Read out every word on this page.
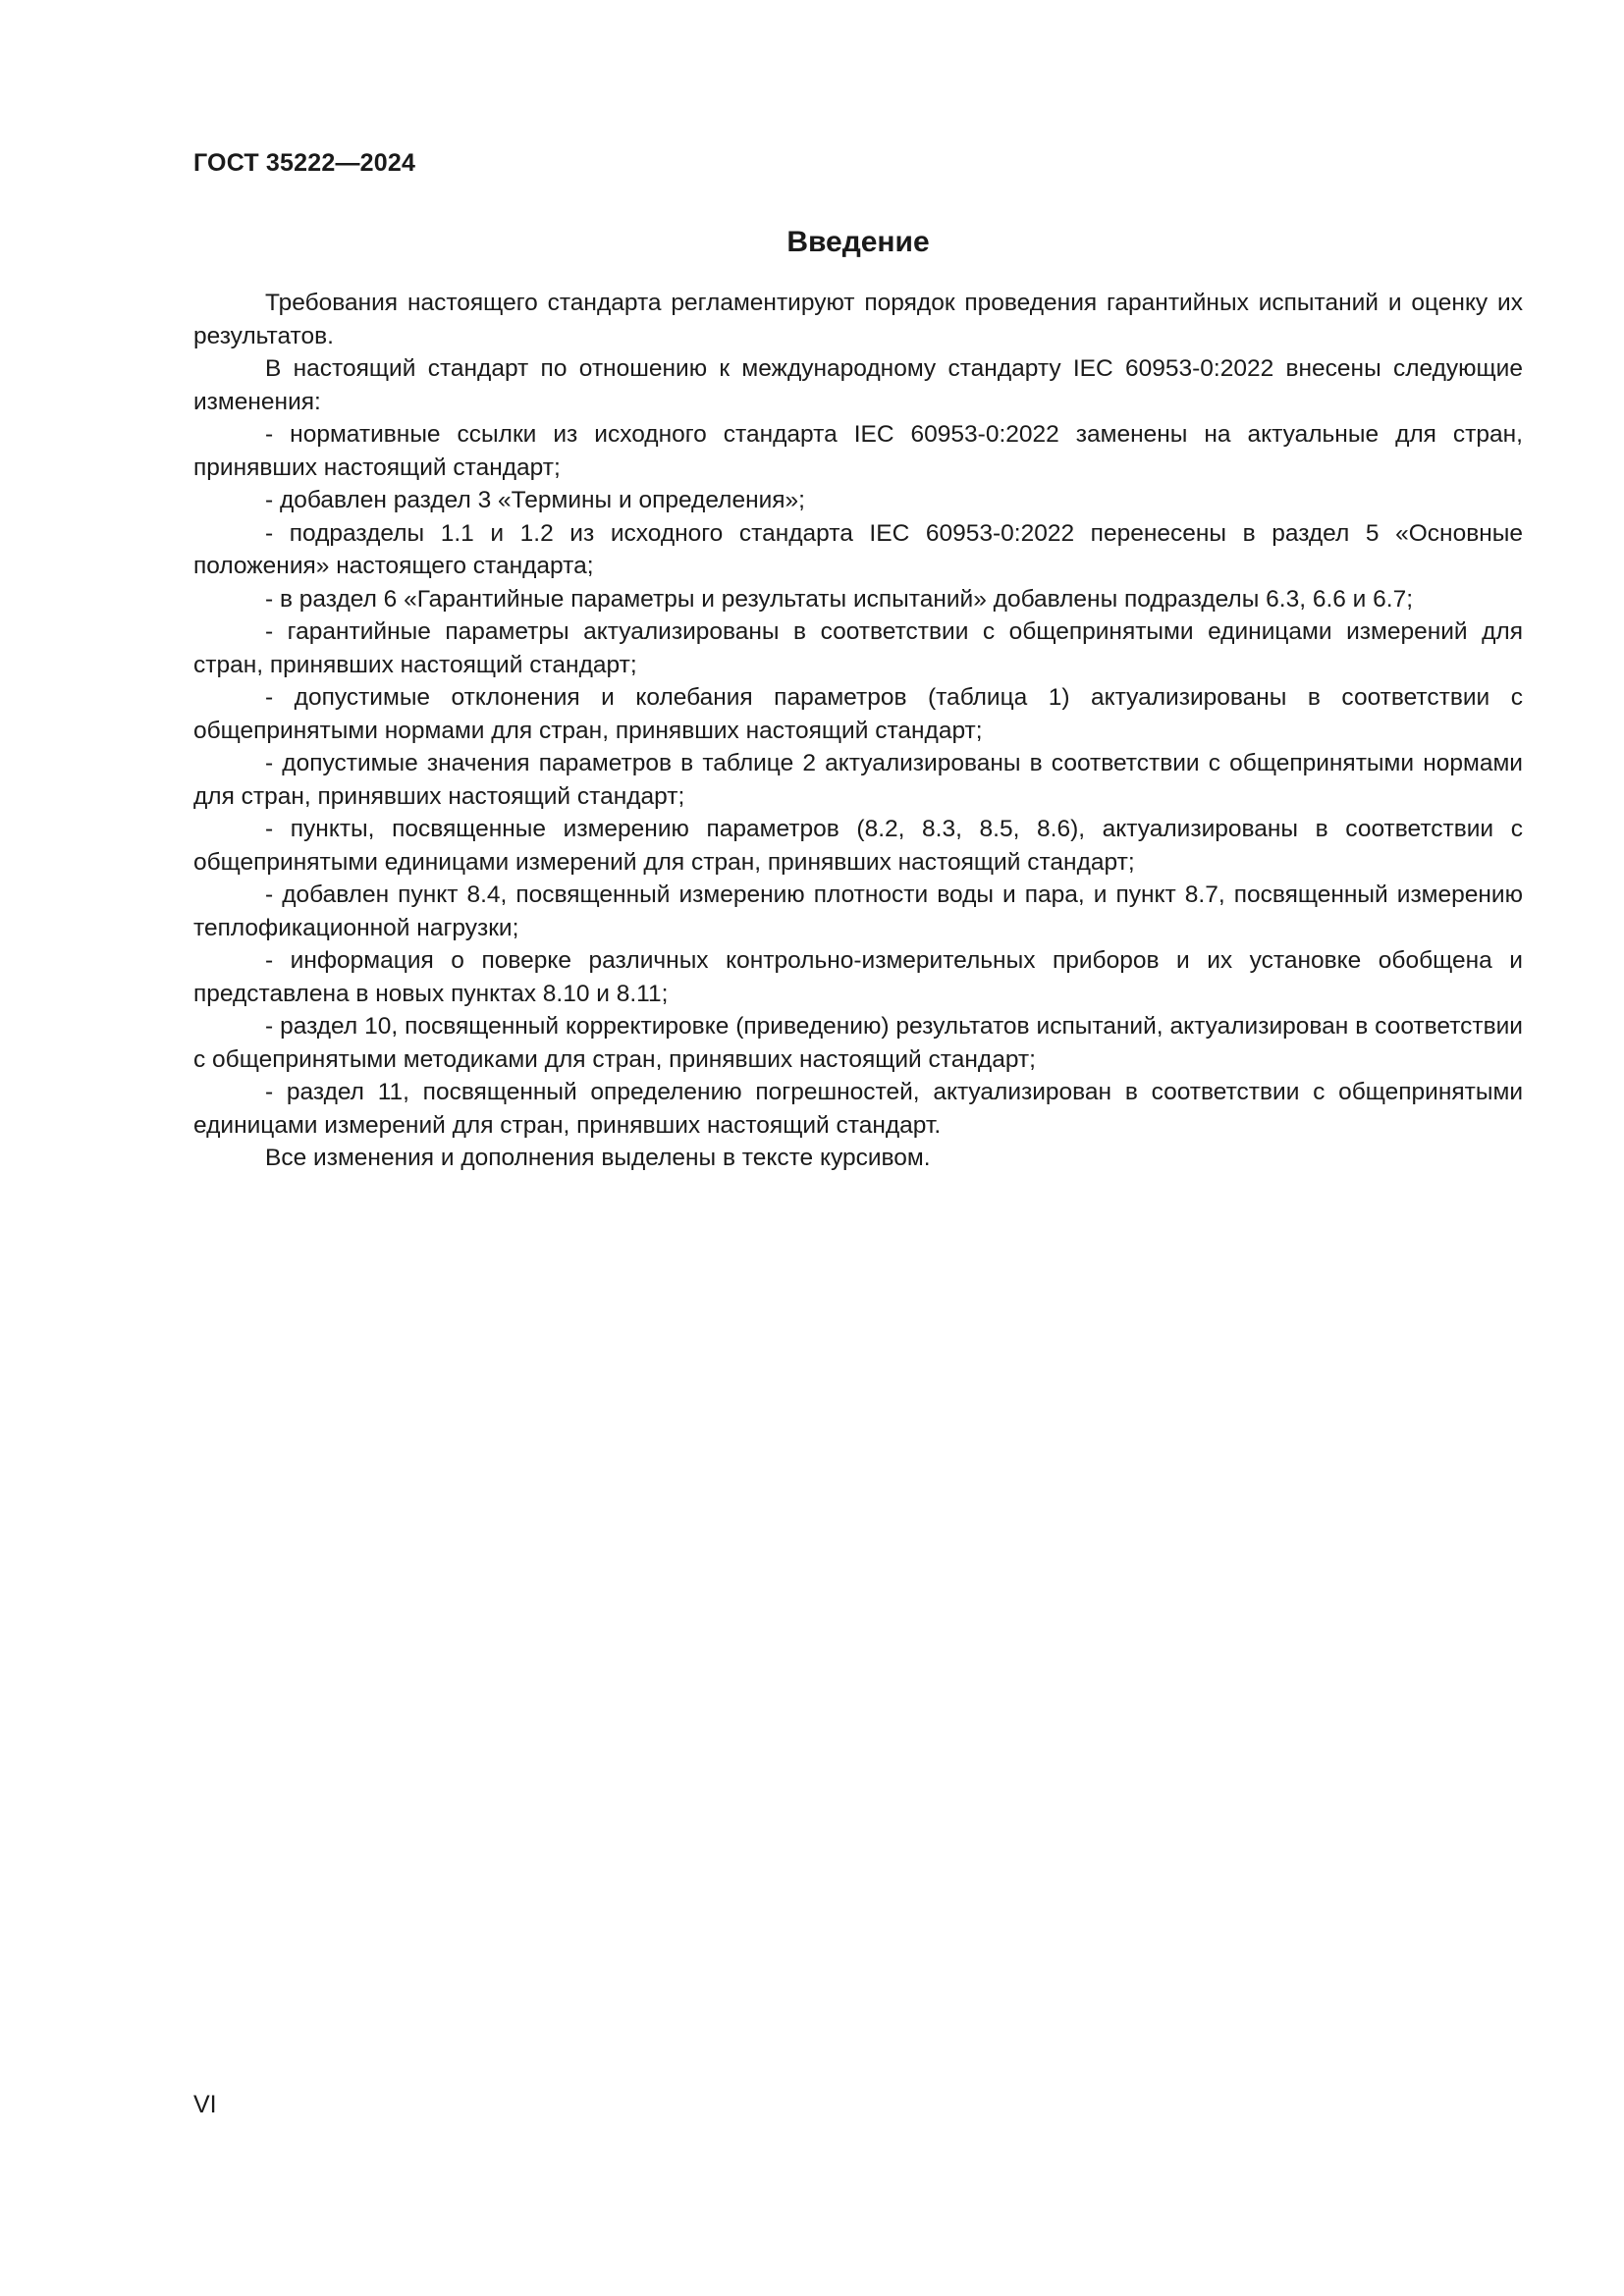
ГОСТ 35222—2024
Введение

Требования настоящего стандарта регламентируют порядок проведения гарантийных испытаний и оценку их результатов.

В настоящий стандарт по отношению к международному стандарту IEC 60953-0:2022 внесены следующие изменения:

- нормативные ссылки из исходного стандарта IEC 60953-0:2022 заменены на актуальные для стран, принявших настоящий стандарт;

- добавлен раздел 3 «Термины и определения»;

- подразделы 1.1 и 1.2 из исходного стандарта IEC 60953-0:2022 перенесены в раздел 5 «Основные положения» настоящего стандарта;

- в раздел 6 «Гарантийные параметры и результаты испытаний» добавлены подразделы 6.3, 6.6 и 6.7;

- гарантийные параметры актуализированы в соответствии с общепринятыми единицами измерений для стран, принявших настоящий стандарт;

- допустимые отклонения и колебания параметров (таблица 1) актуализированы в соответствии с общепринятыми нормами для стран, принявших настоящий стандарт;

- допустимые значения параметров в таблице 2 актуализированы в соответствии с общепринятыми нормами для стран, принявших настоящий стандарт;

- пункты, посвященные измерению параметров (8.2, 8.3, 8.5, 8.6), актуализированы в соответствии с общепринятыми единицами измерений для стран, принявших настоящий стандарт;

- добавлен пункт 8.4, посвященный измерению плотности воды и пара, и пункт 8.7, посвященный измерению теплофикационной нагрузки;

- информация о поверке различных контрольно-измерительных приборов и их установке обобщена и представлена в новых пунктах 8.10 и 8.11;

- раздел 10, посвященный корректировке (приведению) результатов испытаний, актуализирован в соответствии с общепринятыми методиками для стран, принявших настоящий стандарт;

- раздел 11, посвященный определению погрешностей, актуализирован в соответствии с общепринятыми единицами измерений для стран, принявших настоящий стандарт.

Все изменения и дополнения выделены в тексте курсивом.

VI
